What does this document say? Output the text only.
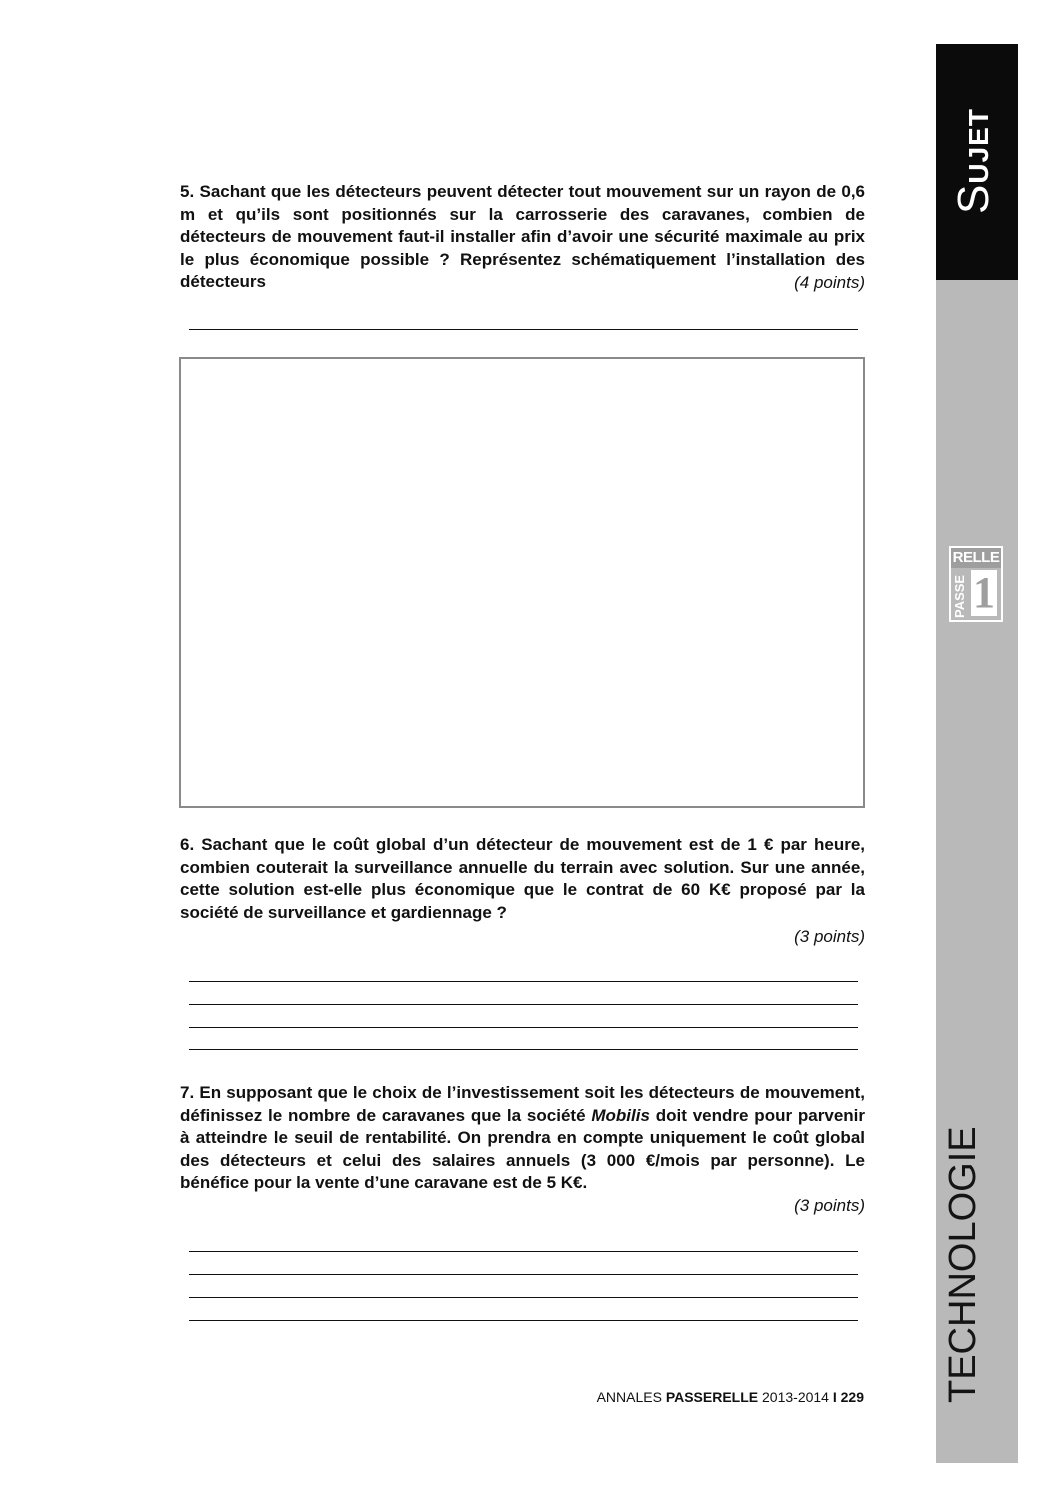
SUJET
RELLE
PASSE 1
TECHNOLOGIE

5. Sachant que les détecteurs peuvent détecter tout mouvement sur un rayon de 0,6 m et qu’ils sont positionnés sur la carrosserie des caravanes, combien de détecteurs de mouvement faut-il installer afin d’avoir une sécurité maximale au prix le plus économique possible ? Représentez schématiquement l’installation des détecteurs	(4 points)

6. Sachant que le coût global d’un détecteur de mouvement est de 1 € par heure, combien couterait la surveillance annuelle du terrain avec solution. Sur une année, cette solution est-elle plus économique que le contrat de 60 K€ proposé par la société de surveillance et gardiennage ?

(3 points)

7. En supposant que le choix de l’investissement soit les détecteurs de mouvement, définissez le nombre de caravanes que la société Mobilis doit vendre pour parvenir à atteindre le seuil de rentabilité. On prendra en compte uniquement le coût global des détecteurs et celui des salaires annuels (3 000 €/mois par personne). Le bénéfice pour la vente d’une caravane est de 5 K€.

(3 points)
ANNALES PASSERELLE 2013-2014 I 229
